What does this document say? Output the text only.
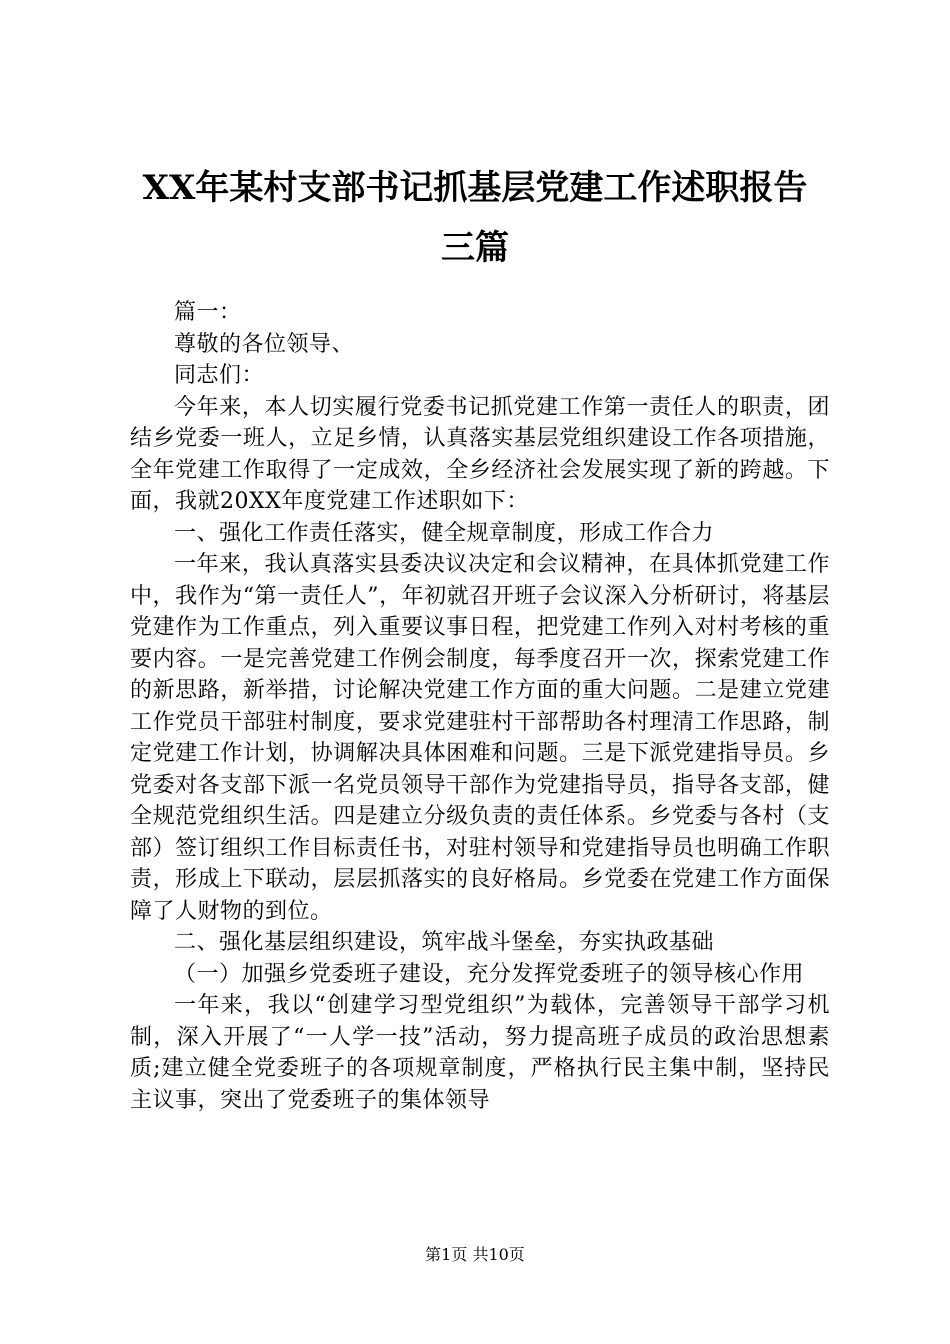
XX年某村支部书记抓基层党建工作述职报告
三篇

篇一：

尊敬的各位领导、

同志们：

今年来，本人切实履行党委书记抓党建工作第一责任人的职责，团结乡党委一班人，立足乡情，认真落实基层党组织建设工作各项措施，全年党建工作取得了一定成效，全乡经济社会发展实现了新的跨越。下面，我就20XX年度党建工作述职如下：

一、强化工作责任落实，健全规章制度，形成工作合力

一年来，我认真落实县委决议决定和会议精神，在具体抓党建工作中，我作为“第一责任人”，年初就召开班子会议深入分析研讨，将基层党建作为工作重点，列入重要议事日程，把党建工作列入对村考核的重要内容。一是完善党建工作例会制度，每季度召开一次，探索党建工作的新思路，新举措，讨论解决党建工作方面的重大问题。二是建立党建工作党员干部驻村制度，要求党建驻村干部帮助各村理清工作思路，制定党建工作计划，协调解决具体困难和问题。三是下派党建指导员。乡党委对各支部下派一名党员领导干部作为党建指导员，指导各支部，健全规范党组织生活。四是建立分级负责的责任体系。乡党委与各村（支部）签订组织工作目标责任书，对驻村领导和党建指导员也明确工作职责，形成上下联动，层层抓落实的良好格局。乡党委在党建工作方面保障了人财物的到位。

二、强化基层组织建设，筑牢战斗堡垒，夯实执政基础

（一）加强乡党委班子建设，充分发挥党委班子的领导核心作用

一年来，我以“创建学习型党组织”为载体，完善领导干部学习机制，深入开展了“一人学一技”活动，努力提高班子成员的政治思想素质;建立健全党委班子的各项规章制度，严格执行民主集中制，坚持民主议事，突出了党委班子的集体领导

第1页 共10页
